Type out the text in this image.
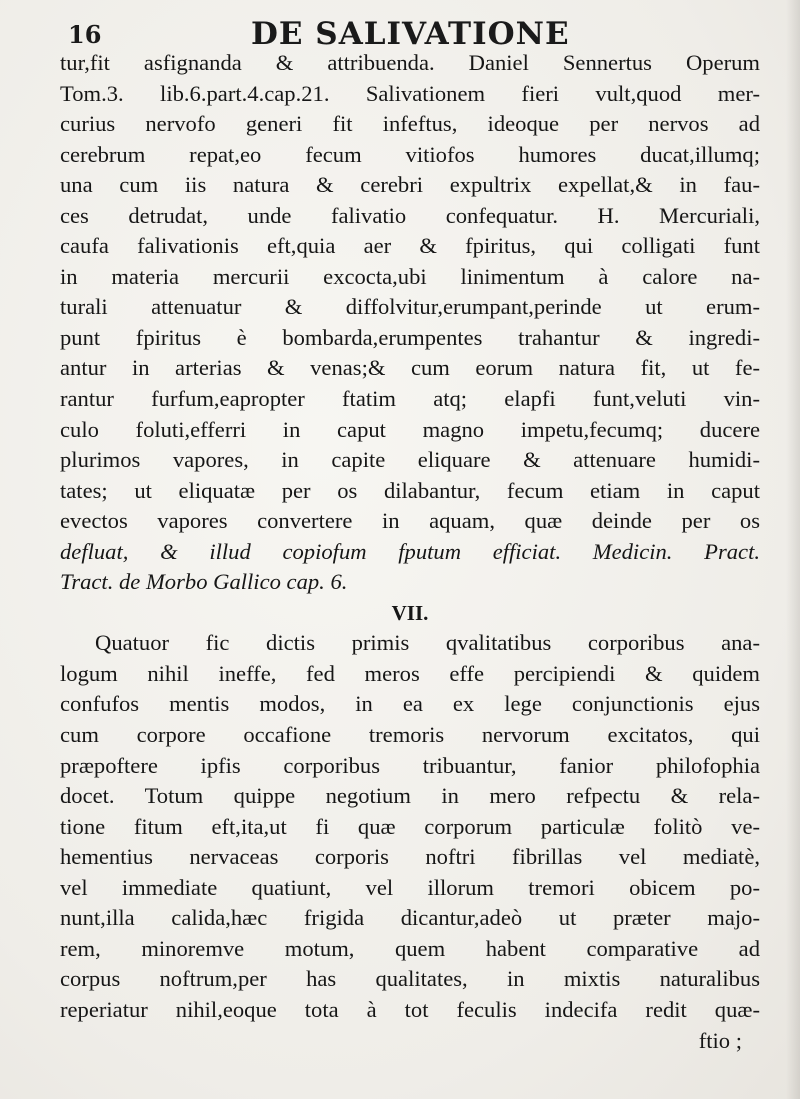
16	DE SALIVATIONE
tur,fit asfignanda & attribuenda. Daniel Sennertus Operum
Tom.3. lib.6.part.4.cap.21. Salivationem fieri vult,quod mer-
curius nervofo generi fit infeftus, ideoque per nervos ad
cerebrum repat,eo fecum vitiofos humores ducat,illumq;
una cum iis natura & cerebri expultrix expellat,& in fau-
ces detrudat, unde falivatio confequatur. H. Mercuriali,
caufa falivationis eft,quia aer & fpiritus, qui colligati funt
in materia mercurii excocta,ubi linimentum à calore na-
turali attenuatur & diffolvitur,erumpant,perinde ut erum-
punt fpiritus è bombarda,erumpentes trahantur & ingredi-
antur in arterias & venas;& cum eorum natura fit, ut fe-
rantur furfum,eapropter ftatim atq; elapfi funt,veluti vin-
culo foluti,efferri in caput magno impetu,fecumq; ducere
plurimos vapores, in capite eliquare & attenuare humidi-
tates; ut eliquatæ per os dilabantur, fecum etiam in caput
evectos vapores convertere in aquam, quæ deinde per os
defluat, & illud copiofum fputum efficiat. Medicin. Pract.
Tract. de Morbo Gallico cap. 6.
VII.
Quatuor fic dictis primis qvalitatibus corporibus ana-
logum nihil ineffe, fed meros effe percipiendi & quidem
confufos mentis modos, in ea ex lege conjunctionis ejus
cum corpore occafione tremoris nervorum excitatos, qui
præpoftere ipfis corporibus tribuantur, fanior philofophia
docet. Totum quippe negotium in mero refpectu & rela-
tione fitum eft,ita,ut fi quæ corporum particulæ folitò ve-
hementius nervaceas corporis noftri fibrillas vel mediatè,
vel immediate quatiunt, vel illorum tremori obicem po-
nunt,illa calida,hæc frigida dicantur,adeò ut præter majo-
rem, minoremve motum, quem habent comparative ad
corpus noftrum,per has qualitates, in mixtis naturalibus
reperiatur nihil,eoque tota à tot feculis indecifa redit quæ-
ftio ;
